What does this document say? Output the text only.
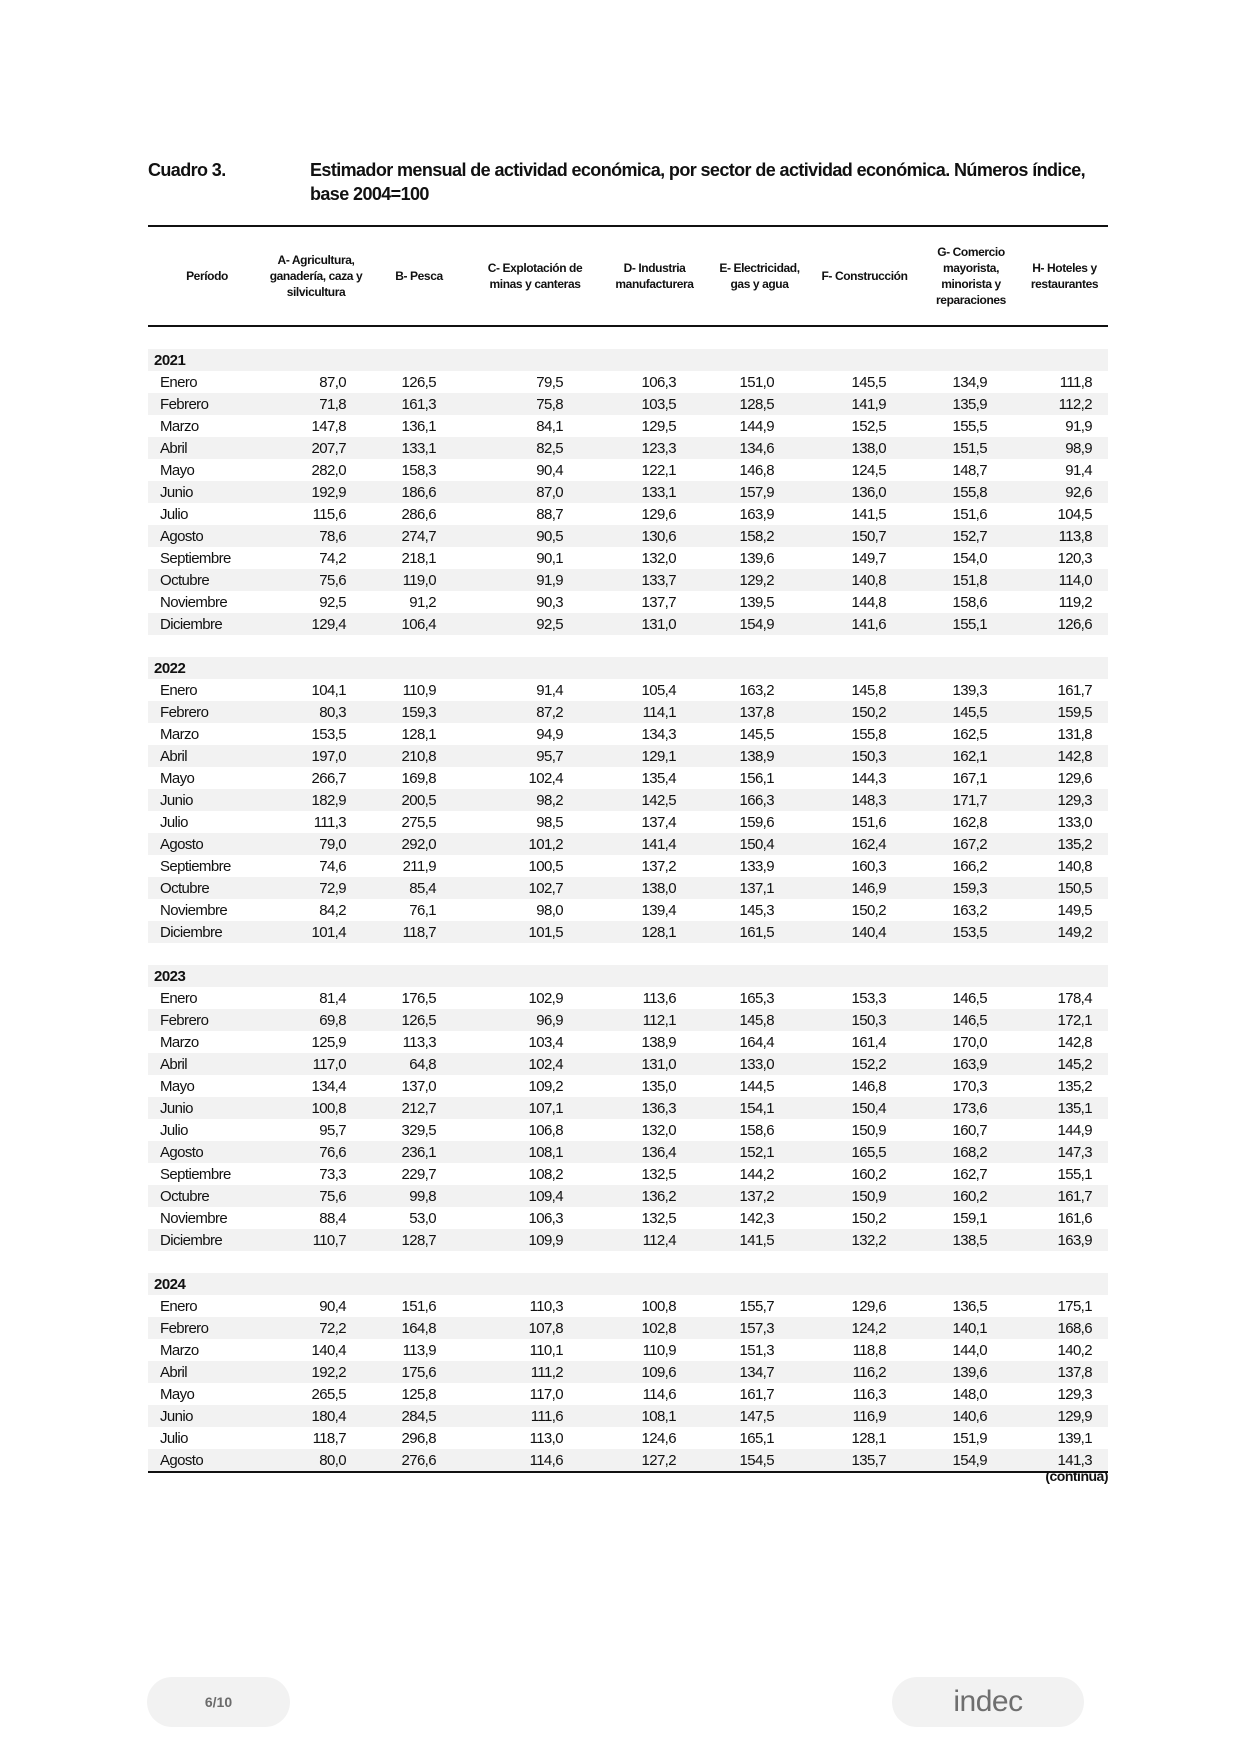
Cuadro 3.	Estimador mensual de actividad económica, por sector de actividad económica. Números índice, base 2004=100
Período	A- Agricultura, ganadería, caza y silvicultura	B- Pesca	C- Explotación de minas y canteras	D- Industria manufacturera	E- Electricidad, gas y agua	F- Construcción	G- Comercio mayorista, minorista y reparaciones	H- Hoteles y restaurantes

2021								
Enero	87,0	126,5	79,5	106,3	151,0	145,5	134,9	111,8
Febrero	71,8	161,3	75,8	103,5	128,5	141,9	135,9	112,2
Marzo	147,8	136,1	84,1	129,5	144,9	152,5	155,5	91,9
Abril	207,7	133,1	82,5	123,3	134,6	138,0	151,5	98,9
Mayo	282,0	158,3	90,4	122,1	146,8	124,5	148,7	91,4
Junio	192,9	186,6	87,0	133,1	157,9	136,0	155,8	92,6
Julio	115,6	286,6	88,7	129,6	163,9	141,5	151,6	104,5
Agosto	78,6	274,7	90,5	130,6	158,2	150,7	152,7	113,8
Septiembre	74,2	218,1	90,1	132,0	139,6	149,7	154,0	120,3
Octubre	75,6	119,0	91,9	133,7	129,2	140,8	151,8	114,0
Noviembre	92,5	91,2	90,3	137,7	139,5	144,8	158,6	119,2
Diciembre	129,4	106,4	92,5	131,0	154,9	141,6	155,1	126,6

2022								
Enero	104,1	110,9	91,4	105,4	163,2	145,8	139,3	161,7
Febrero	80,3	159,3	87,2	114,1	137,8	150,2	145,5	159,5
Marzo	153,5	128,1	94,9	134,3	145,5	155,8	162,5	131,8
Abril	197,0	210,8	95,7	129,1	138,9	150,3	162,1	142,8
Mayo	266,7	169,8	102,4	135,4	156,1	144,3	167,1	129,6
Junio	182,9	200,5	98,2	142,5	166,3	148,3	171,7	129,3
Julio	111,3	275,5	98,5	137,4	159,6	151,6	162,8	133,0
Agosto	79,0	292,0	101,2	141,4	150,4	162,4	167,2	135,2
Septiembre	74,6	211,9	100,5	137,2	133,9	160,3	166,2	140,8
Octubre	72,9	85,4	102,7	138,0	137,1	146,9	159,3	150,5
Noviembre	84,2	76,1	98,0	139,4	145,3	150,2	163,2	149,5
Diciembre	101,4	118,7	101,5	128,1	161,5	140,4	153,5	149,2

2023								
Enero	81,4	176,5	102,9	113,6	165,3	153,3	146,5	178,4
Febrero	69,8	126,5	96,9	112,1	145,8	150,3	146,5	172,1
Marzo	125,9	113,3	103,4	138,9	164,4	161,4	170,0	142,8
Abril	117,0	64,8	102,4	131,0	133,0	152,2	163,9	145,2
Mayo	134,4	137,0	109,2	135,0	144,5	146,8	170,3	135,2
Junio	100,8	212,7	107,1	136,3	154,1	150,4	173,6	135,1
Julio	95,7	329,5	106,8	132,0	158,6	150,9	160,7	144,9
Agosto	76,6	236,1	108,1	136,4	152,1	165,5	168,2	147,3
Septiembre	73,3	229,7	108,2	132,5	144,2	160,2	162,7	155,1
Octubre	75,6	99,8	109,4	136,2	137,2	150,9	160,2	161,7
Noviembre	88,4	53,0	106,3	132,5	142,3	150,2	159,1	161,6
Diciembre	110,7	128,7	109,9	112,4	141,5	132,2	138,5	163,9

2024								
Enero	90,4	151,6	110,3	100,8	155,7	129,6	136,5	175,1
Febrero	72,2	164,8	107,8	102,8	157,3	124,2	140,1	168,6
Marzo	140,4	113,9	110,1	110,9	151,3	118,8	144,0	140,2
Abril	192,2	175,6	111,2	109,6	134,7	116,2	139,6	137,8
Mayo	265,5	125,8	117,0	114,6	161,7	116,3	148,0	129,3
Junio	180,4	284,5	111,6	108,1	147,5	116,9	140,6	129,9
Julio	118,7	296,8	113,0	124,6	165,1	128,1	151,9	139,1
Agosto	80,0	276,6	114,6	127,2	154,5	135,7	154,9	141,3
(continúa)
6/10	indec
